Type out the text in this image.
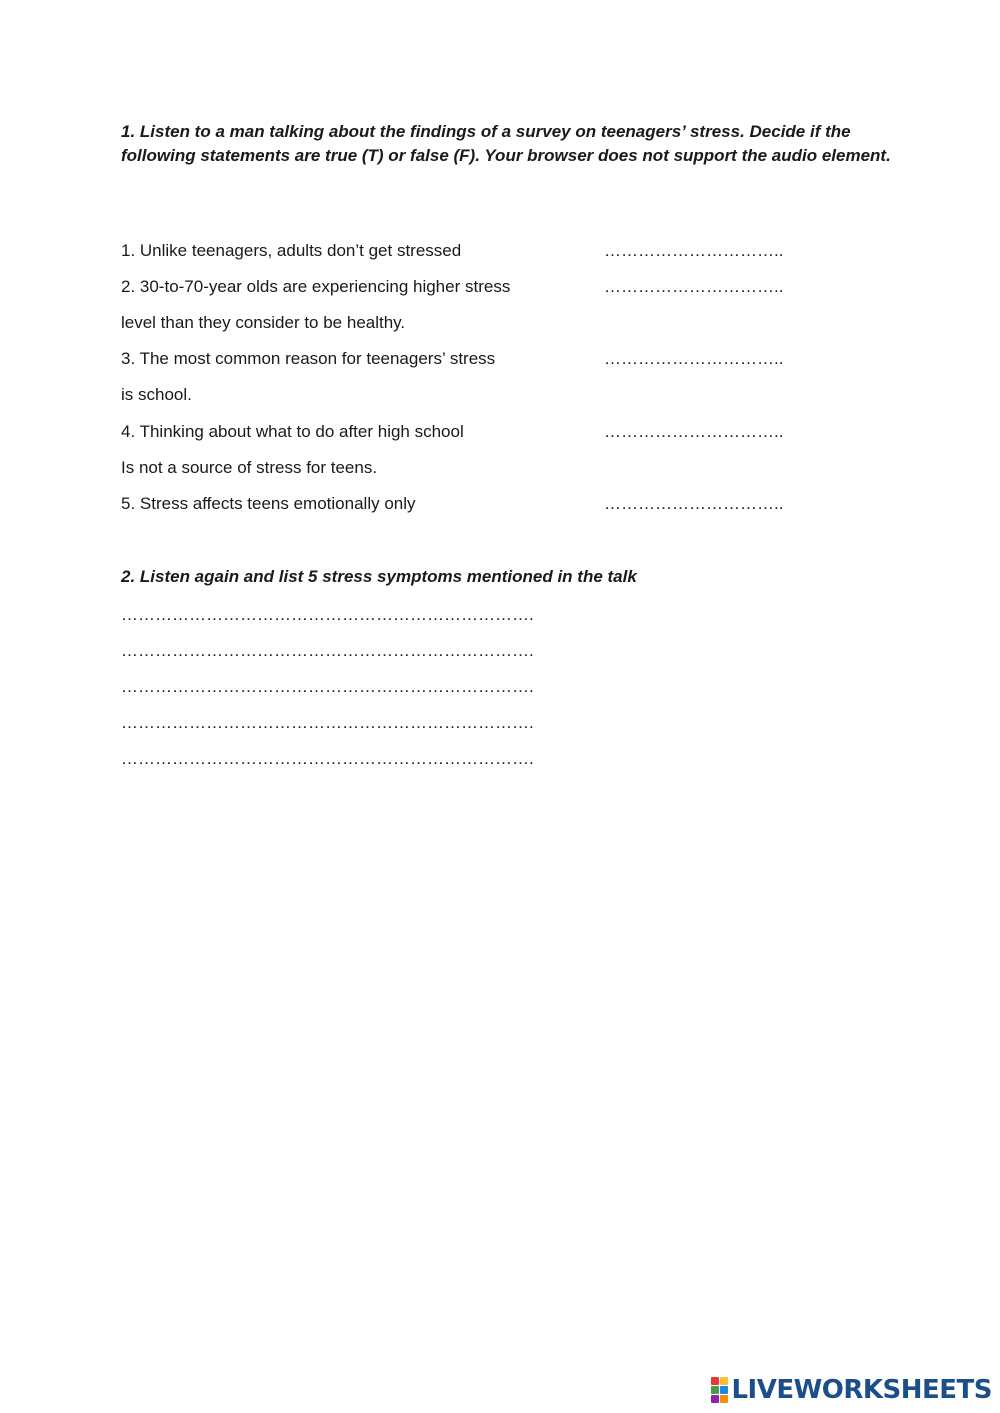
1. Listen to a man talking about the findings of a survey on teenagers’ stress. Decide if the following statements are true (T) or false (F). Your browser does not support the audio element.

1. Unlike teenagers, adults don’t get stressed	…………………………..
2. 30-to-70-year olds are experiencing higher stress	…………………………..
level than they consider to be healthy.
3. The most common reason for teenagers’ stress	…………………………..
is school.
4. Thinking about what to do after high school	…………………………..
Is not a source of stress for teens.
5. Stress affects teens emotionally only	…………………………..

2. Listen again and list 5 stress symptoms mentioned in the talk

……………………………………………………………….
……………………………………………………………….
……………………………………………………………….
……………………………………………………………….
……………………………………………………………….
LIVEWORKSHEETS
